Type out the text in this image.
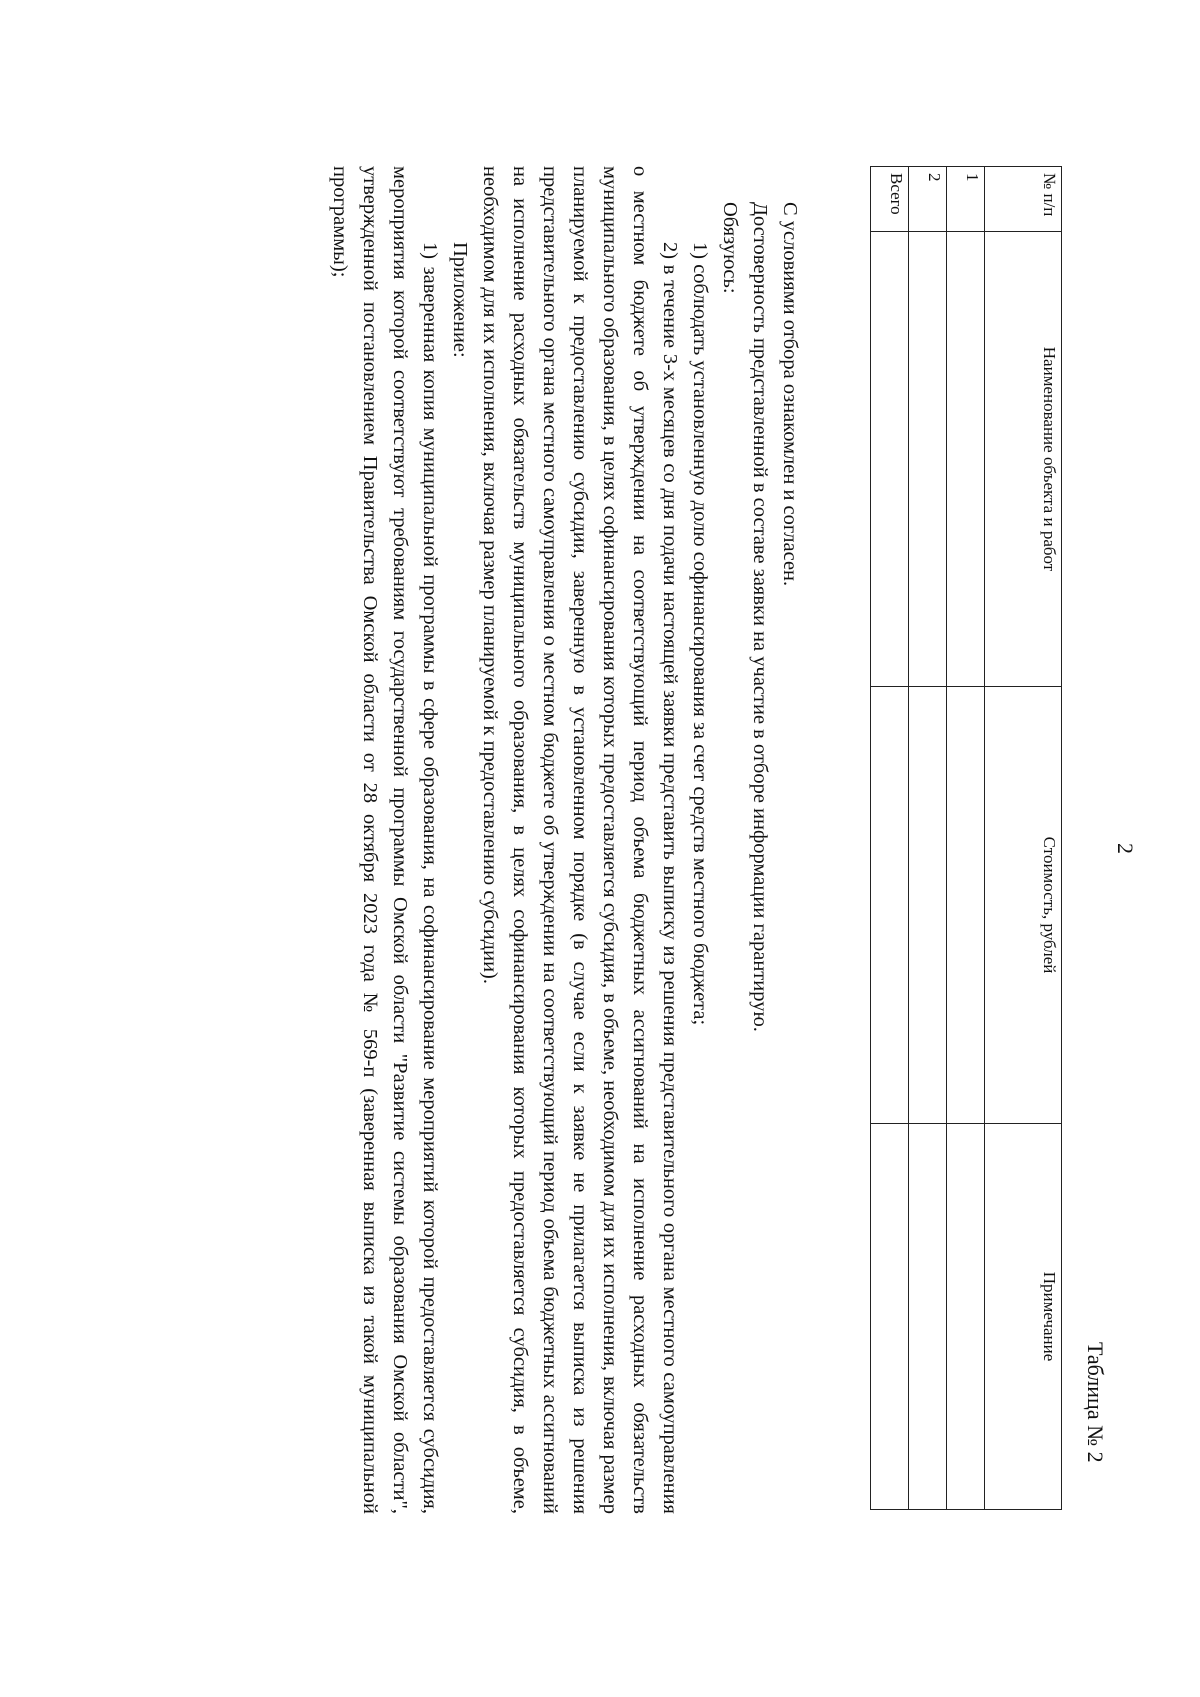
2
Таблица № 2
№ п/п	Наименование объекта и работ	Стоимость, рублей	Примечание
1			
2			
Всего			

С условиями отбора ознакомлен и согласен.

Достоверность представленной в составе заявки на участие в отборе информации гарантирую.

Обязуюсь:

1) соблюдать установленную долю софинансирования за счет средств местного бюджета;

2) в течение 3-х месяцев со дня подачи настоящей заявки представить выписку из решения представительного органа местного самоуправления о местном бюджете об утверждении на соответствующий период объема бюджетных ассигнований на исполнение расходных обязательств муниципального образования, в целях софинансирования которых предоставляется субсидия, в объеме, необходимом для их исполнения, включая размер планируемой к предоставлению субсидии, заверенную в установленном порядке (в случае если к заявке не прилагается выписка из решения представительного органа местного самоуправления о местном бюджете об утверждении на соответствующий период объема бюджетных ассигнований на исполнение расходных обязательств муниципального образования, в целях софинансирования которых предоставляется субсидия, в объеме, необходимом для их исполнения, включая размер планируемой к предоставлению субсидии).

Приложение:

1) заверенная копия муниципальной программы в сфере образования, на софинансирование мероприятий которой предоставляется субсидия, мероприятия которой соответствуют требованиям государственной программы Омской области "Развитие системы образования Омской области", утвержденной постановлением Правительства Омской области от 28 октября 2023 года № 569-п (заверенная выписка из такой муниципальной программы);
